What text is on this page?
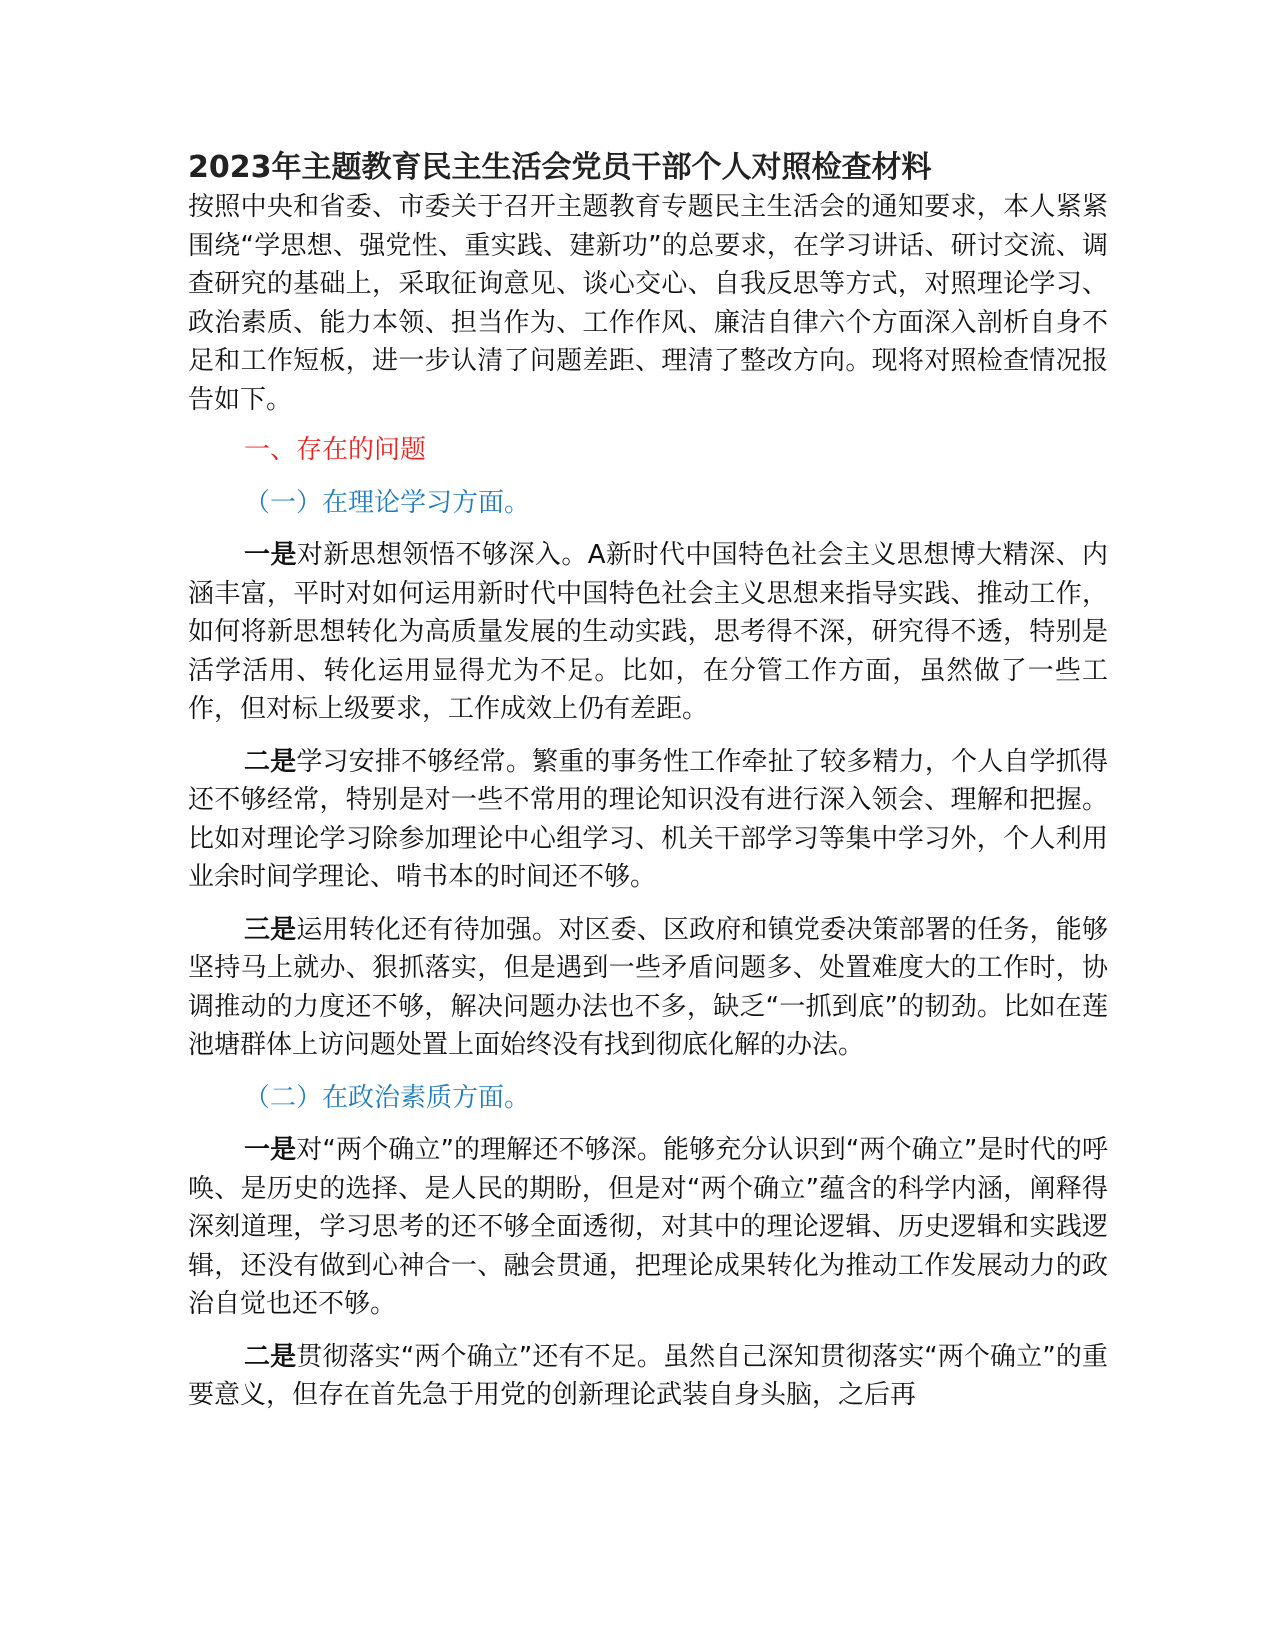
2023年主题教育民主生活会党员干部个人对照检查材料

按照中央和省委、市委关于召开主题教育专题民主生活会的通知要求，本人紧紧围绕“学思想、强党性、重实践、建新功”的总要求，在学习讲话、研讨交流、调查研究的基础上，采取征询意见、谈心交心、自我反思等方式，对照理论学习、政治素质、能力本领、担当作为、工作作风、廉洁自律六个方面深入剖析自身不足和工作短板，进一步认清了问题差距、理清了整改方向。现将对照检查情况报告如下。

一、存在的问题

（一）在理论学习方面。

一是对新思想领悟不够深入。A新时代中国特色社会主义思想博大精深、内涵丰富，平时对如何运用新时代中国特色社会主义思想来指导实践、推动工作，如何将新思想转化为高质量发展的生动实践，思考得不深，研究得不透，特别是活学活用、转化运用显得尤为不足。比如，在分管工作方面，虽然做了一些工作，但对标上级要求，工作成效上仍有差距。

二是学习安排不够经常。繁重的事务性工作牵扯了较多精力，个人自学抓得还不够经常，特别是对一些不常用的理论知识没有进行深入领会、理解和把握。比如对理论学习除参加理论中心组学习、机关干部学习等集中学习外，个人利用业余时间学理论、啃书本的时间还不够。

三是运用转化还有待加强。对区委、区政府和镇党委决策部署的任务，能够坚持马上就办、狠抓落实，但是遇到一些矛盾问题多、处置难度大的工作时，协调推动的力度还不够，解决问题办法也不多，缺乏“一抓到底”的韧劲。比如在莲池塘群体上访问题处置上面始终没有找到彻底化解的办法。

（二）在政治素质方面。

一是对“两个确立”的理解还不够深。能够充分认识到“两个确立”是时代的呼唤、是历史的选择、是人民的期盼，但是对“两个确立”蕴含的科学内涵，阐释得深刻道理，学习思考的还不够全面透彻，对其中的理论逻辑、历史逻辑和实践逻辑，还没有做到心神合一、融会贯通，把理论成果转化为推动工作发展动力的政治自觉也还不够。

二是贯彻落实“两个确立”还有不足。虽然自己深知贯彻落实“两个确立”的重要意义，但存在首先急于用党的创新理论武装自身头脑，之后再
